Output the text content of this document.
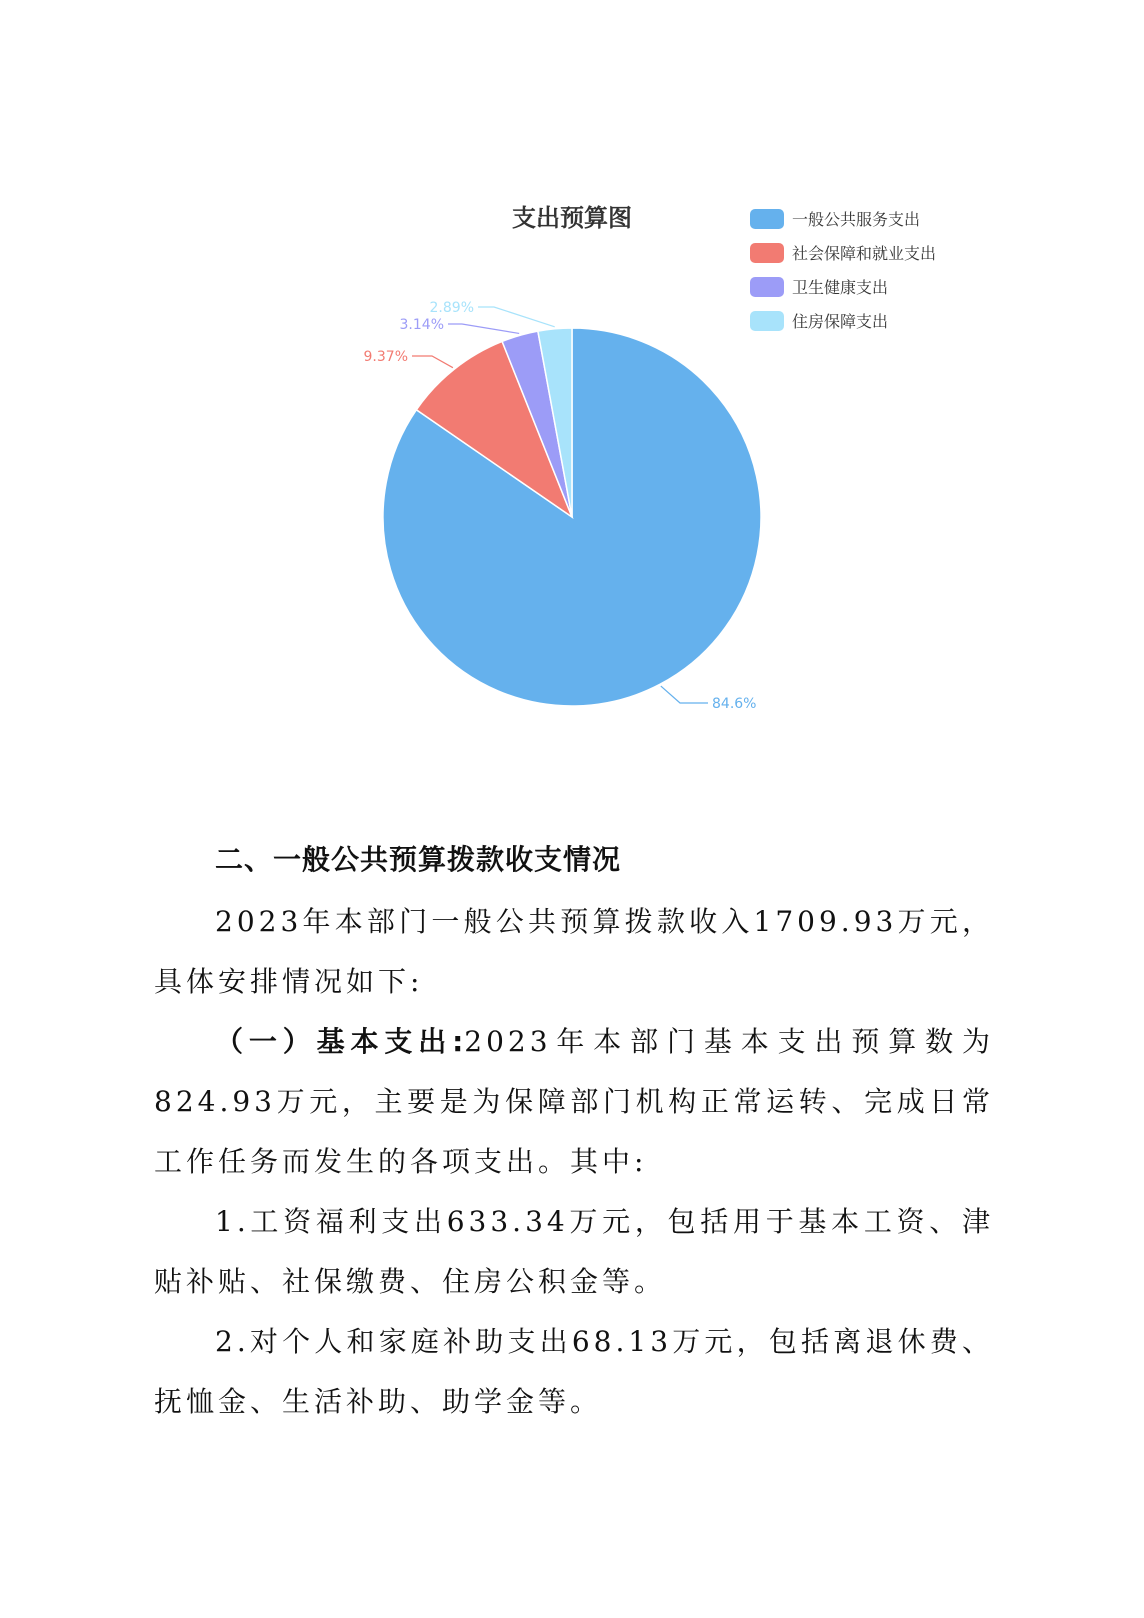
支出预算图
84.6%
9.37%
3.14%
2.89%
一般公共服务支出
社会保障和就业支出
卫生健康支出
住房保障支出
二、一般公共预算拨款收支情况

2023年本部门一般公共预算拨款收入1709.93万元，具体安排情况如下:

（一）基本支出:2023年本部门基本支出预算数为824.93万元，主要是为保障部门机构正常运转、完成日常工作任务而发生的各项支出。其中:

1.工资福利支出633.34万元，包括用于基本工资、津贴补贴、社保缴费、住房公积金等。

2.对个人和家庭补助支出68.13万元，包括离退休费、抚恤金、生活补助、助学金等。
